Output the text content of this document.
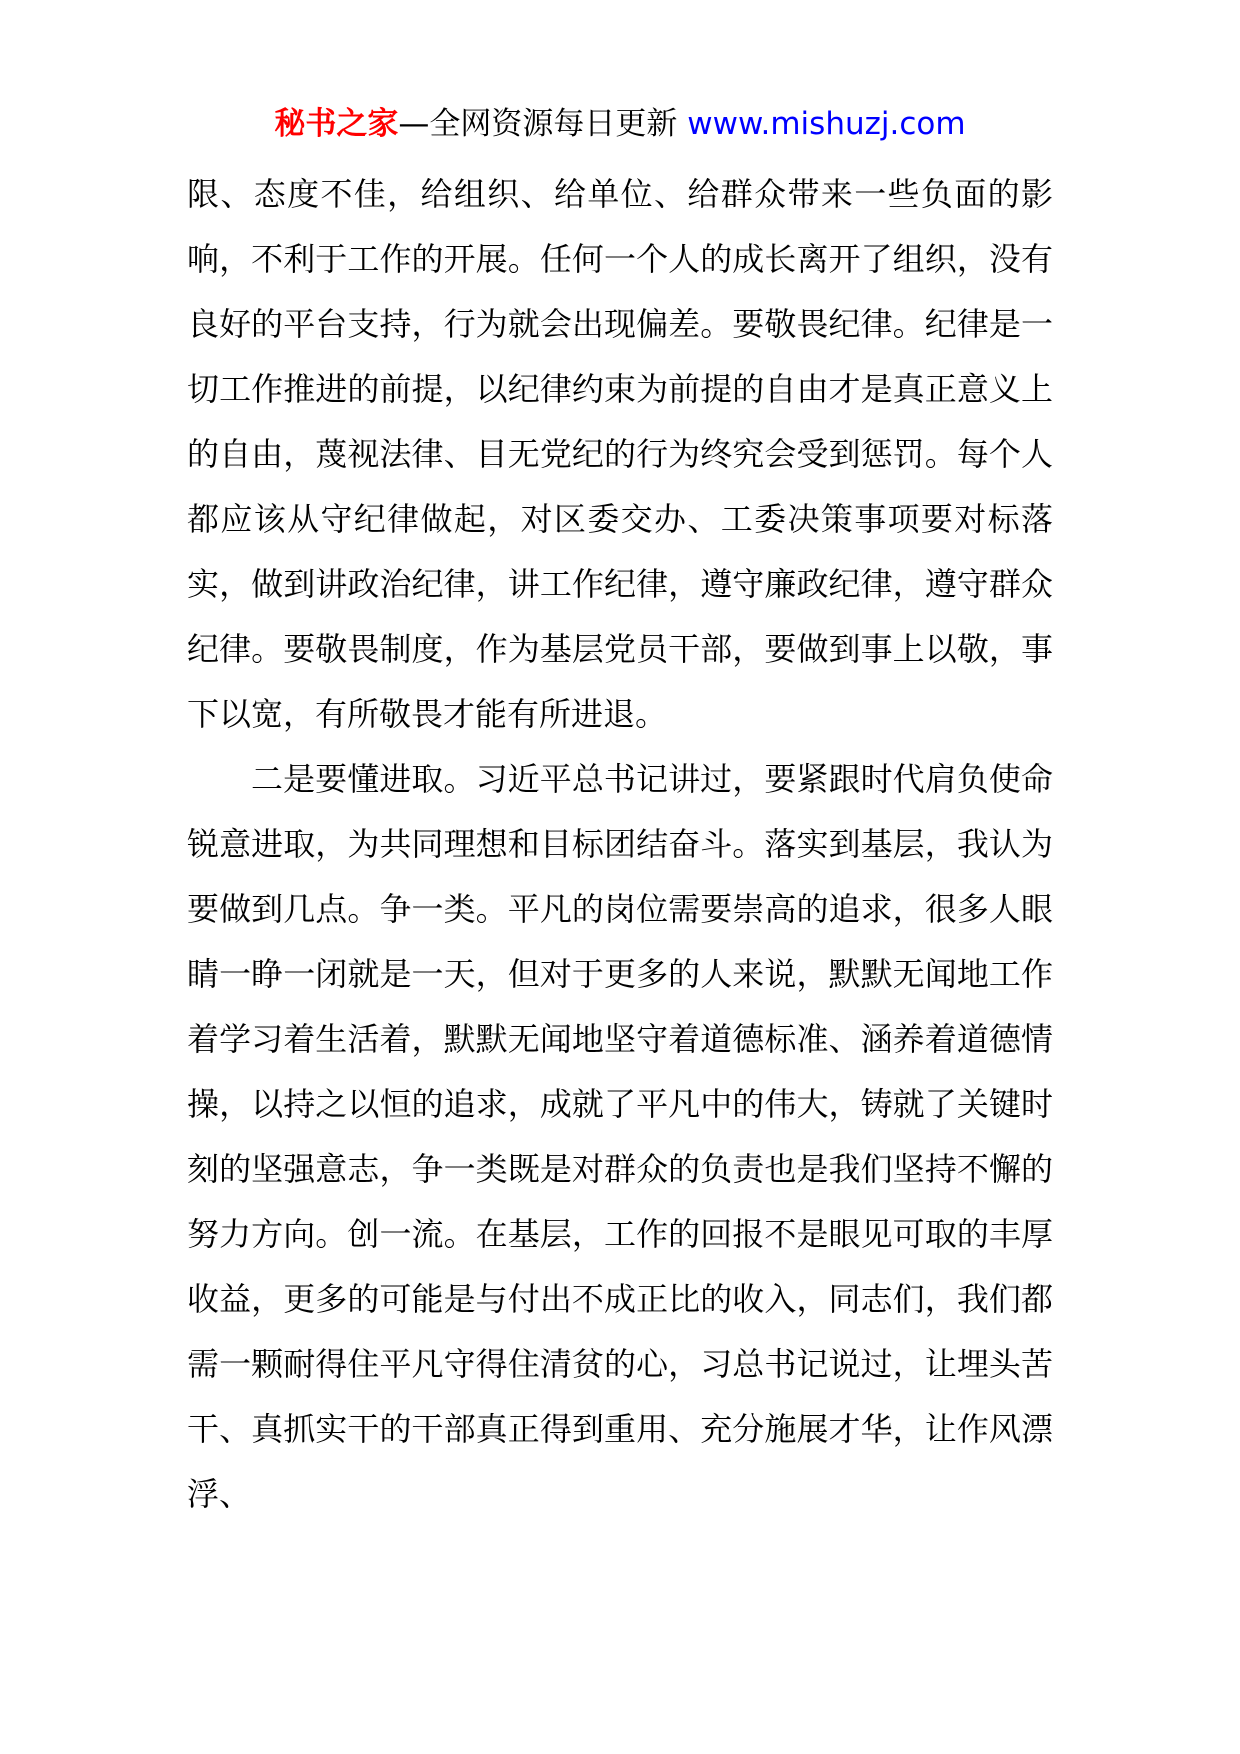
秘书之家—全网资源每日更新 www.mishuzj.com

限、态度不佳，给组织、给单位、给群众带来一些负面的影响，不利于工作的开展。任何一个人的成长离开了组织，没有良好的平台支持，行为就会出现偏差。要敬畏纪律。纪律是一切工作推进的前提，以纪律约束为前提的自由才是真正意义上的自由，蔑视法律、目无党纪的行为终究会受到惩罚。每个人都应该从守纪律做起，对区委交办、工委决策事项要对标落实，做到讲政治纪律，讲工作纪律，遵守廉政纪律，遵守群众纪律。要敬畏制度，作为基层党员干部，要做到事上以敬，事下以宽，有所敬畏才能有所进退。

二是要懂进取。习近平总书记讲过，要紧跟时代肩负使命锐意进取，为共同理想和目标团结奋斗。落实到基层，我认为要做到几点。争一类。平凡的岗位需要崇高的追求，很多人眼睛一睁一闭就是一天，但对于更多的人来说，默默无闻地工作着学习着生活着，默默无闻地坚守着道德标准、涵养着道德情操，以持之以恒的追求，成就了平凡中的伟大，铸就了关键时刻的坚强意志，争一类既是对群众的负责也是我们坚持不懈的努力方向。创一流。在基层，工作的回报不是眼见可取的丰厚收益，更多的可能是与付出不成正比的收入，同志们，我们都需一颗耐得住平凡守得住清贫的心，习总书记说过，让埋头苦干、真抓实干的干部真正得到重用、充分施展才华，让作风漂浮、
